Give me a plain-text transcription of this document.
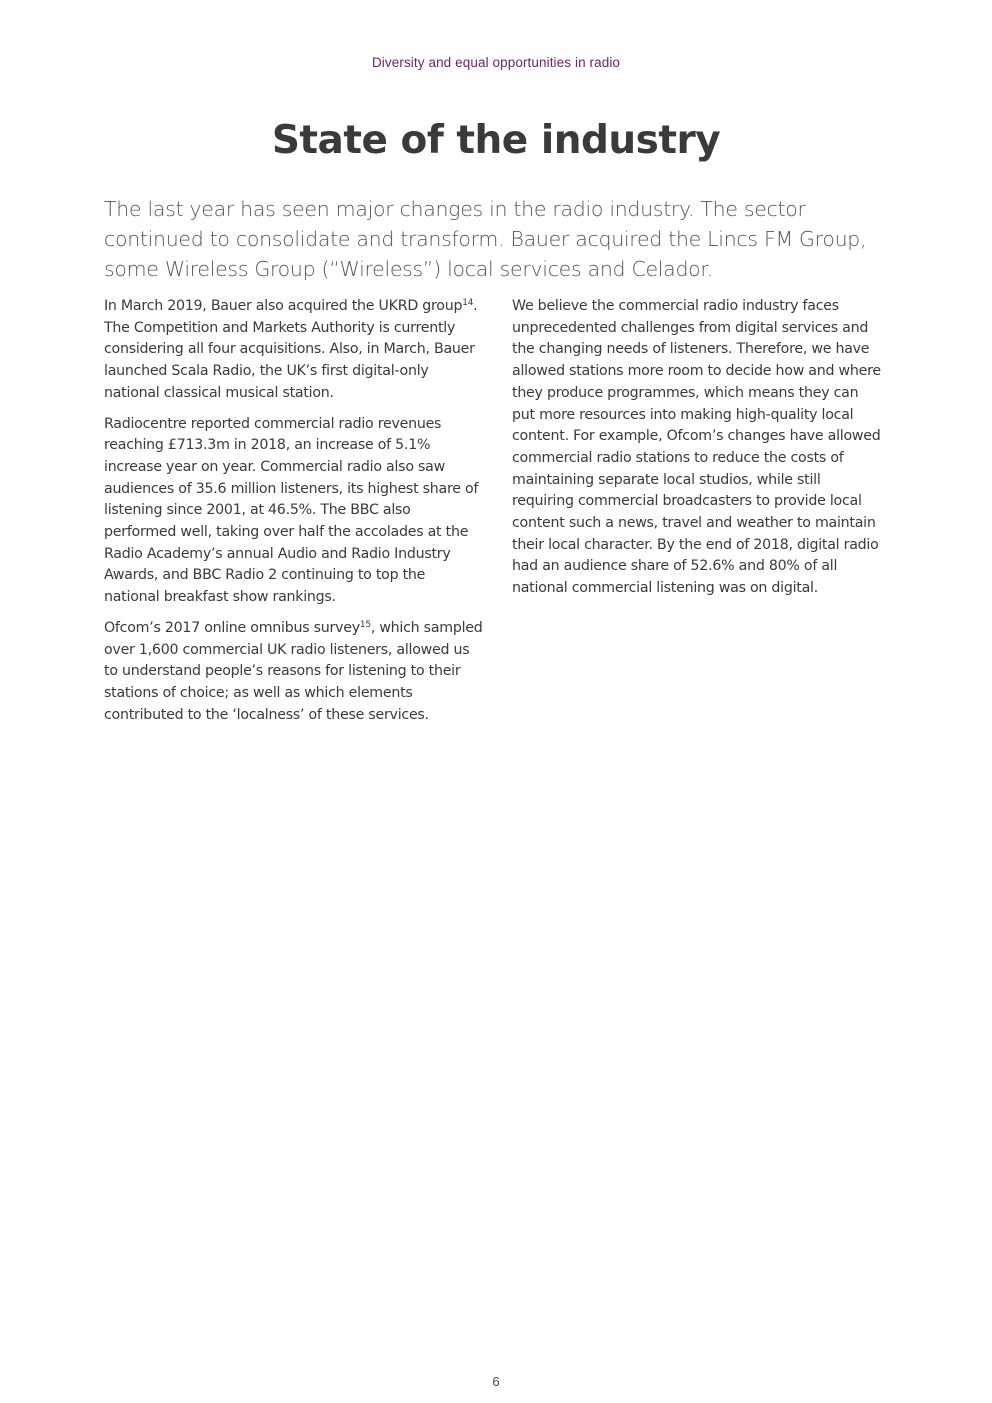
Diversity and equal opportunities in radio
State of the industry

The last year has seen major changes in the radio industry. The sector continued to consolidate and transform. Bauer acquired the Lincs FM Group, some Wireless Group (“Wireless”) local services and Celador.

In March 2019, Bauer also acquired the UKRD group$^{14}$. The Competition and Markets Authority is currently considering all four acquisitions. Also, in March, Bauer launched Scala Radio, the UK’s first digital-only national classical musical station.

Radiocentre reported commercial radio revenues reaching £713.3m in 2018, an increase of 5.1% increase year on year. Commercial radio also saw audiences of 35.6 million listeners, its highest share of listening since 2001, at 46.5%. The BBC also performed well, taking over half the accolades at the Radio Academy’s annual Audio and Radio Industry Awards, and BBC Radio 2 continuing to top the national breakfast show rankings.

Ofcom’s 2017 online omnibus survey$^{15}$, which sampled over 1,600 commercial UK radio listeners, allowed us to understand people’s reasons for listening to their stations of choice; as well as which elements contributed to the ‘localness’ of these services.

We believe the commercial radio industry faces unprecedented challenges from digital services and the changing needs of listeners. Therefore, we have allowed stations more room to decide how and where they produce programmes, which means they can put more resources into making high-quality local content. For example, Ofcom’s changes have allowed commercial radio stations to reduce the costs of maintaining separate local studios, while still requiring commercial broadcasters to provide local content such a news, travel and weather to maintain their local character. By the end of 2018, digital radio had an audience share of 52.6% and 80% of all national commercial listening was on digital.

6
